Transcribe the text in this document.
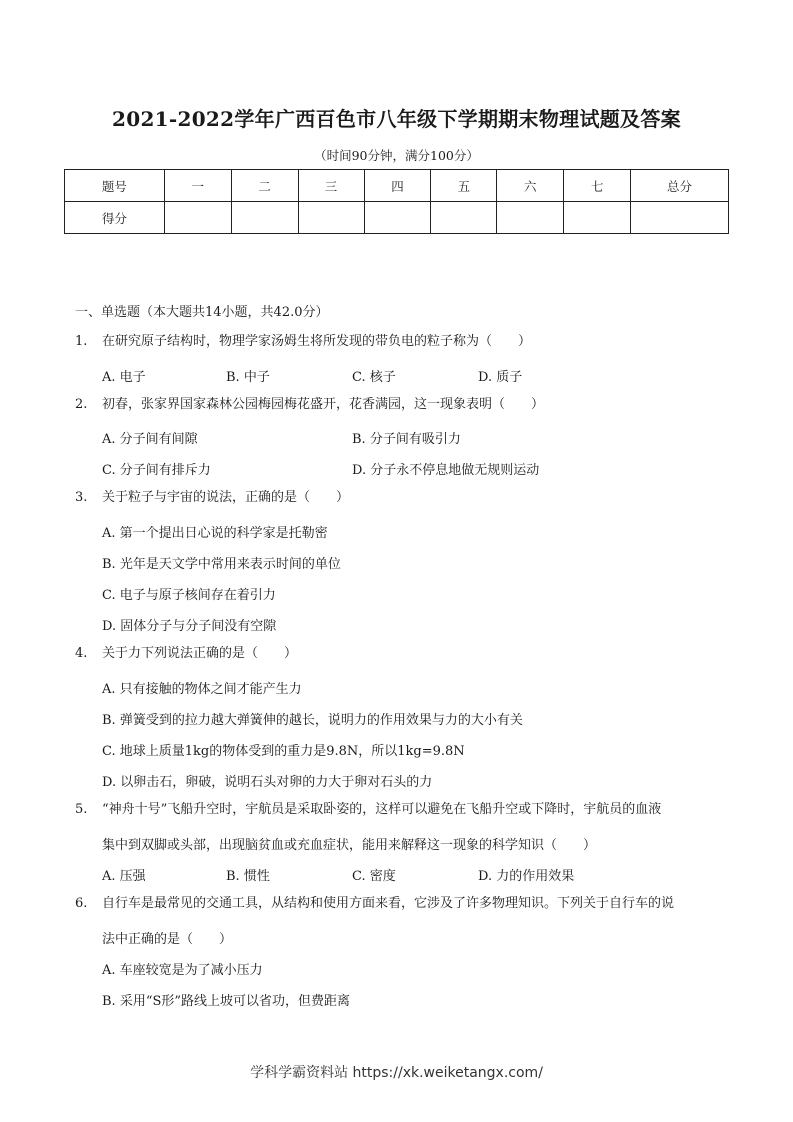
2021-2022学年广西百色市八年级下学期期末物理试题及答案
（时间90分钟，满分100分）
题号	一	二	三	四	五	六	七	总分
得分								
一、单选题（本大题共14小题，共42.0分）
1. 在研究原子结构时，物理学家汤姆生将所发现的带负电的粒子称为（　　）
A. 电子	B. 中子	C. 核子	D. 质子
2. 初春，张家界国家森林公园梅园梅花盛开，花香满园，这一现象表明（　　）
A. 分子间有间隙	B. 分子间有吸引力
C. 分子间有排斥力	D. 分子永不停息地做无规则运动
3. 关于粒子与宇宙的说法，正确的是（　　）
A. 第一个提出日心说的科学家是托勒密
B. 光年是天文学中常用来表示时间的单位
C. 电子与原子核间存在着引力
D. 固体分子与分子间没有空隙
4. 关于力下列说法正确的是（　　）
A. 只有接触的物体之间才能产生力
B. 弹簧受到的拉力越大弹簧伸的越长，说明力的作用效果与力的大小有关
C. 地球上质量1kg的物体受到的重力是9.8N，所以1kg=9.8N
D. 以卵击石，卵破，说明石头对卵的力大于卵对石头的力
5. “神舟十号”飞船升空时，宇航员是采取卧姿的，这样可以避免在飞船升空或下降时，宇航员的血液
集中到双脚或头部，出现脑贫血或充血症状，能用来解释这一现象的科学知识（　　）
A. 压强	B. 惯性	C. 密度	D. 力的作用效果
6. 自行车是最常见的交通工具，从结构和使用方面来看，它涉及了许多物理知识。下列关于自行车的说
法中正确的是（　　）
A. 车座较宽是为了减小压力
B. 采用“S形”路线上坡可以省功，但费距离
学科学霸资料站 https://xk.weiketangx.com/
